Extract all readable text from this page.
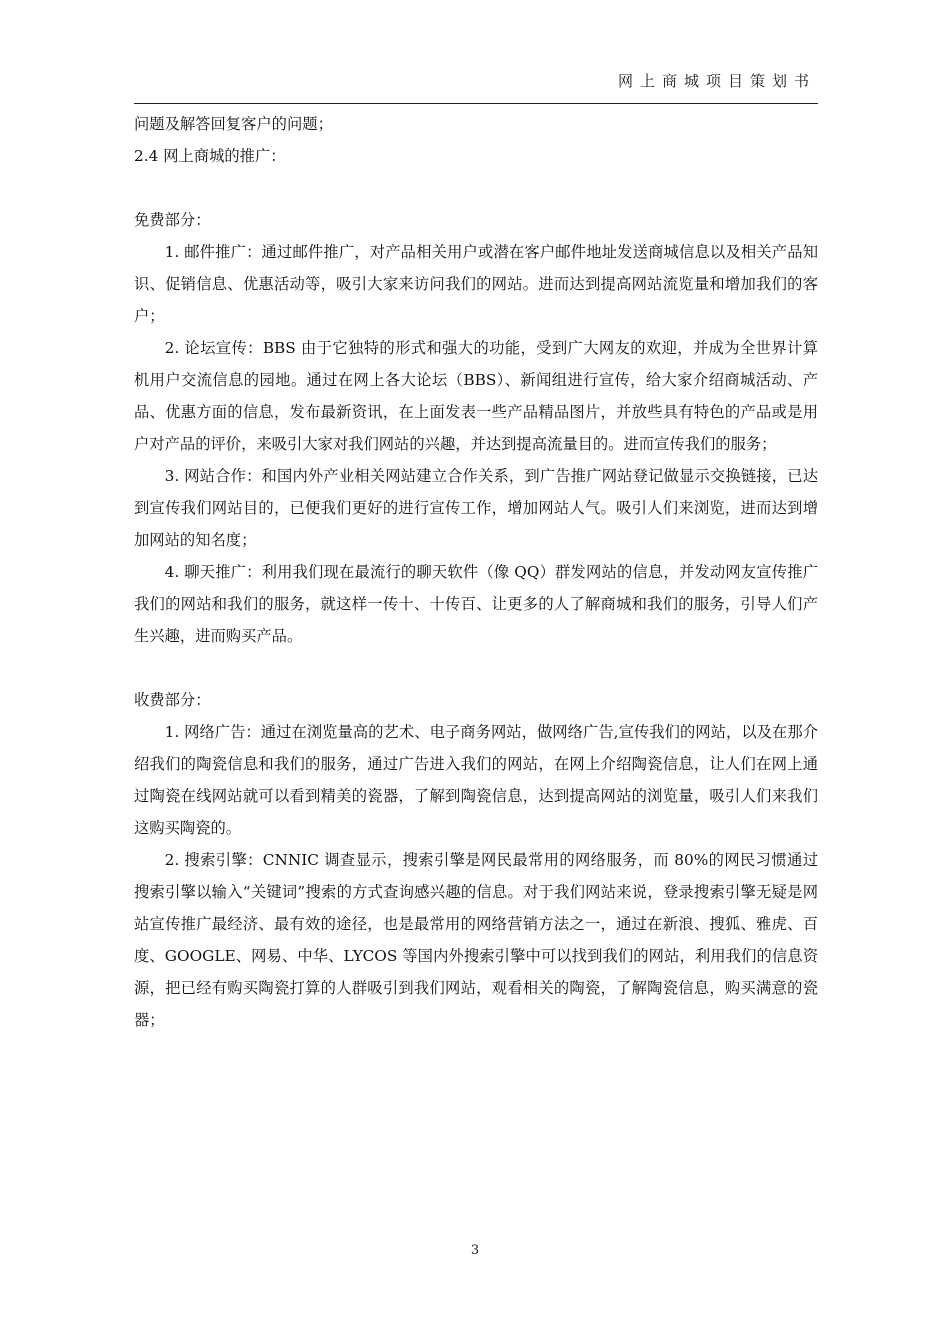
网上商城项目策划书

问题及解答回复客户的问题；

2.4 网上商城的推广：

免费部分：

1. 邮件推广：通过邮件推广，对产品相关用户或潜在客户邮件地址发送商城信息以及相关产品知识、促销信息、优惠活动等，吸引大家来访问我们的网站。进而达到提高网站流览量和增加我们的客户；

2. 论坛宣传：BBS 由于它独特的形式和强大的功能，受到广大网友的欢迎，并成为全世界计算机用户交流信息的园地。通过在网上各大论坛（BBS）、新闻组进行宣传，给大家介绍商城活动、产品、优惠方面的信息，发布最新资讯，在上面发表一些产品精品图片，并放些具有特色的产品或是用户对产品的评价，来吸引大家对我们网站的兴趣，并达到提高流量目的。进而宣传我们的服务；

3. 网站合作：和国内外产业相关网站建立合作关系，到广告推广网站登记做显示交换链接，已达到宣传我们网站目的，已便我们更好的进行宣传工作，增加网站人气。吸引人们来浏览，进而达到增加网站的知名度；

4. 聊天推广：利用我们现在最流行的聊天软件（像 QQ）群发网站的信息，并发动网友宣传推广我们的网站和我们的服务，就这样一传十、十传百、让更多的人了解商城和我们的服务，引导人们产生兴趣，进而购买产品。

收费部分：

1. 网络广告：通过在浏览量高的艺术、电子商务网站，做网络广告,宣传我们的网站，以及在那介绍我们的陶瓷信息和我们的服务，通过广告进入我们的网站，在网上介绍陶瓷信息，让人们在网上通过陶瓷在线网站就可以看到精美的瓷器，了解到陶瓷信息，达到提高网站的浏览量，吸引人们来我们这购买陶瓷的。

2. 搜索引擎：CNNIC 调查显示，搜索引擎是网民最常用的网络服务，而 80%的网民习惯通过搜索引擎以输入“关键词”搜索的方式查询感兴趣的信息。对于我们网站来说，登录搜索引擎无疑是网站宣传推广最经济、最有效的途径，也是最常用的网络营销方法之一，通过在新浪、搜狐、雅虎、百度、GOOGLE、网易、中华、LYCOS 等国内外搜索引擎中可以找到我们的网站，利用我们的信息资源，把已经有购买陶瓷打算的人群吸引到我们网站，观看相关的陶瓷，了解陶瓷信息，购买满意的瓷器；

3
